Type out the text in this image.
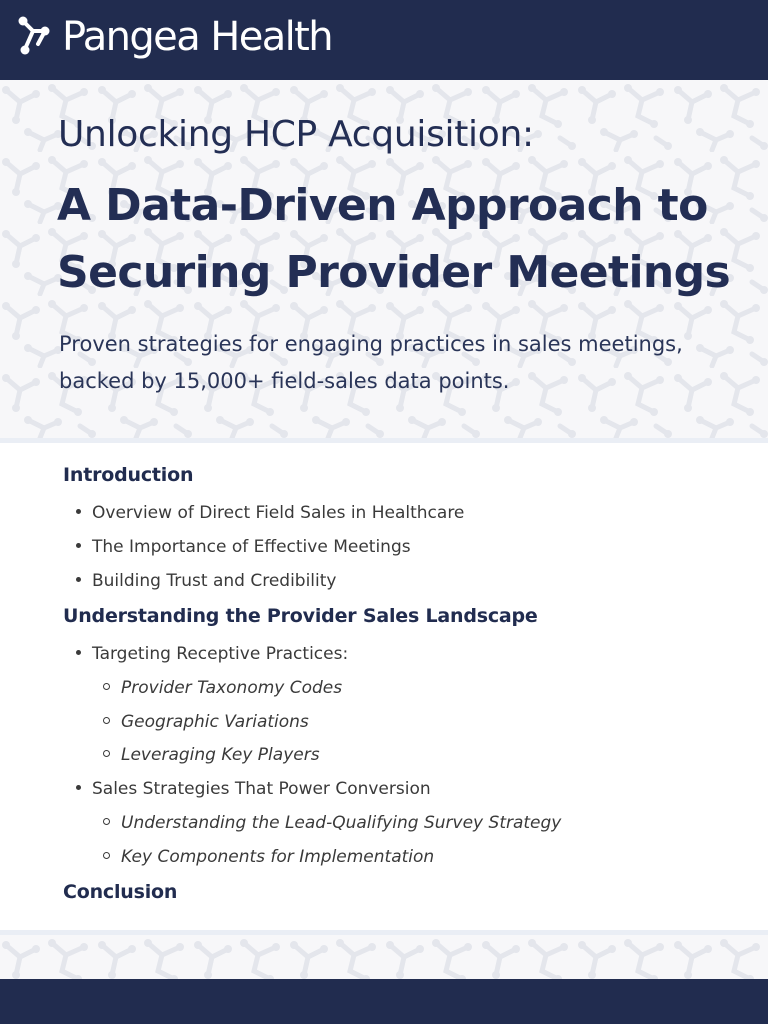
Pangea Health
Unlocking HCP Acquisition:
A Data-Driven Approach to
Securing Provider Meetings
Proven strategies for engaging practices in sales meetings,
backed by 15,000+ field-sales data points.
Introduction
Overview of Direct Field Sales in Healthcare
The Importance of Effective Meetings
Building Trust and Credibility
Understanding the Provider Sales Landscape
Targeting Receptive Practices:
Provider Taxonomy Codes
Geographic Variations
Leveraging Key Players
Sales Strategies That Power Conversion
Understanding the Lead-Qualifying Survey Strategy
Key Components for Implementation
Conclusion
